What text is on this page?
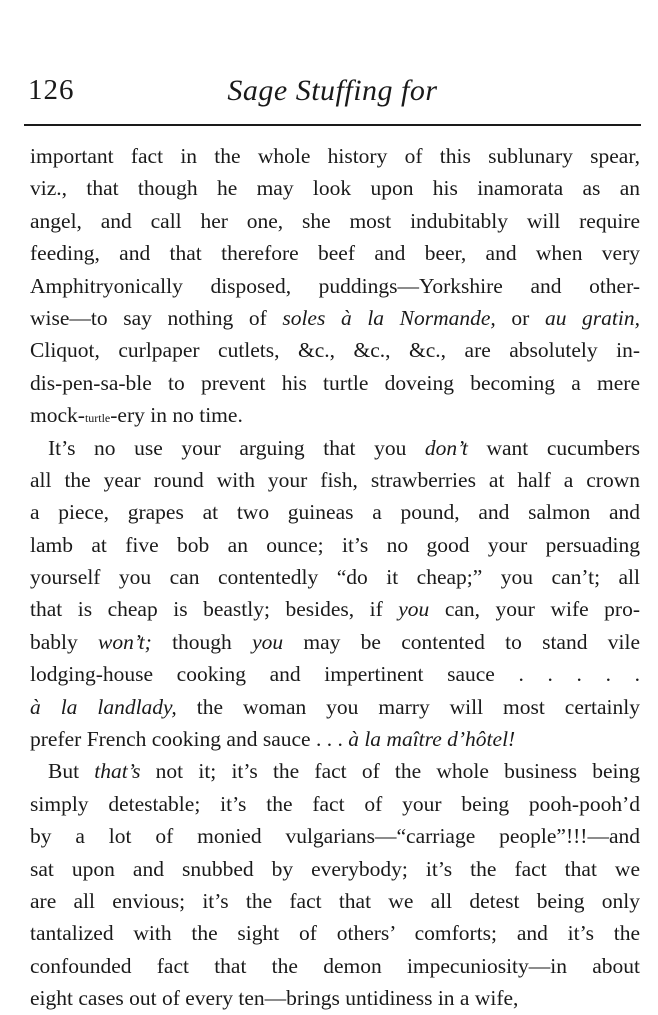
126	Sage Stuffing for
important fact in the whole history of this sublunary spear,
viz., that though he may look upon his inamorata as an
angel, and call her one, she most indubitably will require
feeding, and that therefore beef and beer, and when very
Amphitryonically disposed, puddings—Yorkshire and other-
wise—to say nothing of soles à la Normande, or au gratin,
Cliquot, curlpaper cutlets, &c., &c., &c., are absolutely in-
dis-pen-sa-ble to prevent his turtle doveing becoming a mere
mock-turtle-ery in no time.
It’s no use your arguing that you don’t want cucumbers
all the year round with your fish, strawberries at half a crown
a piece, grapes at two guineas a pound, and salmon and
lamb at five bob an ounce; it’s no good your persuading
yourself you can contentedly “do it cheap;” you can’t; all
that is cheap is beastly; besides, if you can, your wife pro-
bably won’t; though you may be contented to stand vile
lodging-house cooking and impertinent sauce . . . . .
à la landlady, the woman you marry will most certainly
prefer French cooking and sauce . . . à la maître d’hôtel!
But that’s not it; it’s the fact of the whole business being
simply detestable; it’s the fact of your being pooh-pooh’d
by a lot of monied vulgarians—“carriage people”!!!—and
sat upon and snubbed by everybody; it’s the fact that we
are all envious; it’s the fact that we all detest being only
tantalized with the sight of others’ comforts; and it’s the
confounded fact that the demon impecuniosity—in about
eight cases out of every ten—brings untidiness in a wife,
